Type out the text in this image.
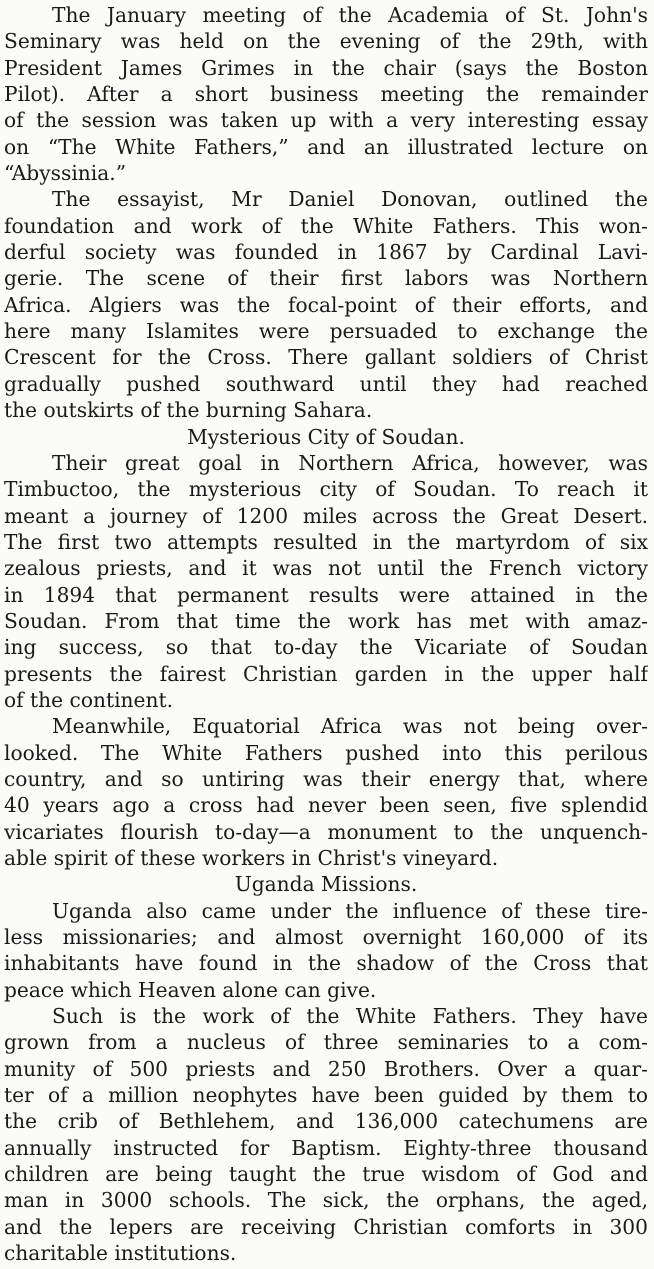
The January meeting of the Academia of St. John's
Seminary was held on the evening of the 29th, with
President James Grimes in the chair (says the Boston
Pilot). After a short business meeting the remainder
of the session was taken up with a very interesting essay
on “The White Fathers,” and an illustrated lecture on
“Abyssinia.”
The essayist, Mr Daniel Donovan, outlined the
foundation and work of the White Fathers. This won-
derful society was founded in 1867 by Cardinal Lavi-
gerie. The scene of their first labors was Northern
Africa. Algiers was the focal-point of their efforts, and
here many Islamites were persuaded to exchange the
Crescent for the Cross. There gallant soldiers of Christ
gradually pushed southward until they had reached
the outskirts of the burning Sahara.
Mysterious City of Soudan.
Their great goal in Northern Africa, however, was
Timbuctoo, the mysterious city of Soudan. To reach it
meant a journey of 1200 miles across the Great Desert.
The first two attempts resulted in the martyrdom of six
zealous priests, and it was not until the French victory
in 1894 that permanent results were attained in the
Soudan. From that time the work has met with amaz-
ing success, so that to-day the Vicariate of Soudan
presents the fairest Christian garden in the upper half
of the continent.
Meanwhile, Equatorial Africa was not being over-
looked. The White Fathers pushed into this perilous
country, and so untiring was their energy that, where
40 years ago a cross had never been seen, five splendid
vicariates flourish to-day—a monument to the unquench-
able spirit of these workers in Christ's vineyard.
Uganda Missions.
Uganda also came under the influence of these tire-
less missionaries; and almost overnight 160,000 of its
inhabitants have found in the shadow of the Cross that
peace which Heaven alone can give.
Such is the work of the White Fathers. They have
grown from a nucleus of three seminaries to a com-
munity of 500 priests and 250 Brothers. Over a quar-
ter of a million neophytes have been guided by them to
the crib of Bethlehem, and 136,000 catechumens are
annually instructed for Baptism. Eighty-three thousand
children are being taught the true wisdom of God and
man in 3000 schools. The sick, the orphans, the aged,
and the lepers are receiving Christian comforts in 300
charitable institutions.
